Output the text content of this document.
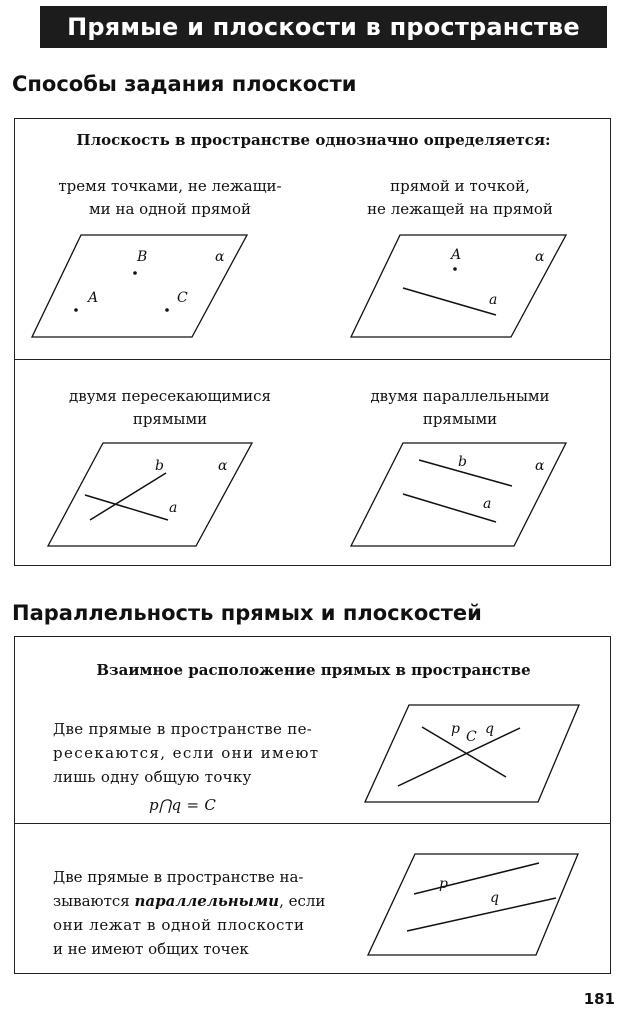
Прямые и плоскости в пространстве
Способы задания плоскости
Плоскость в пространстве однозначно определяется:
тремя точками, не лежащи-
ми на одной прямой
прямой и точкой,
не лежащей на прямой
B
A	C
α	A
a
α
двумя пересекающимися
прямыми
двумя параллельными
прямыми
b
a
α	b
a
α
Параллельность прямых и плоскостей
Взаимное расположение прямых в пространстве
Две прямые в пространстве пе-
ресекаются, если они имеют
лишь одну общую точку
p⋂q = C
p C q
p
q
Две прямые в пространстве на-
зываются параллельными, если
они лежат в одной плоскости
и не имеют общих точек
181
